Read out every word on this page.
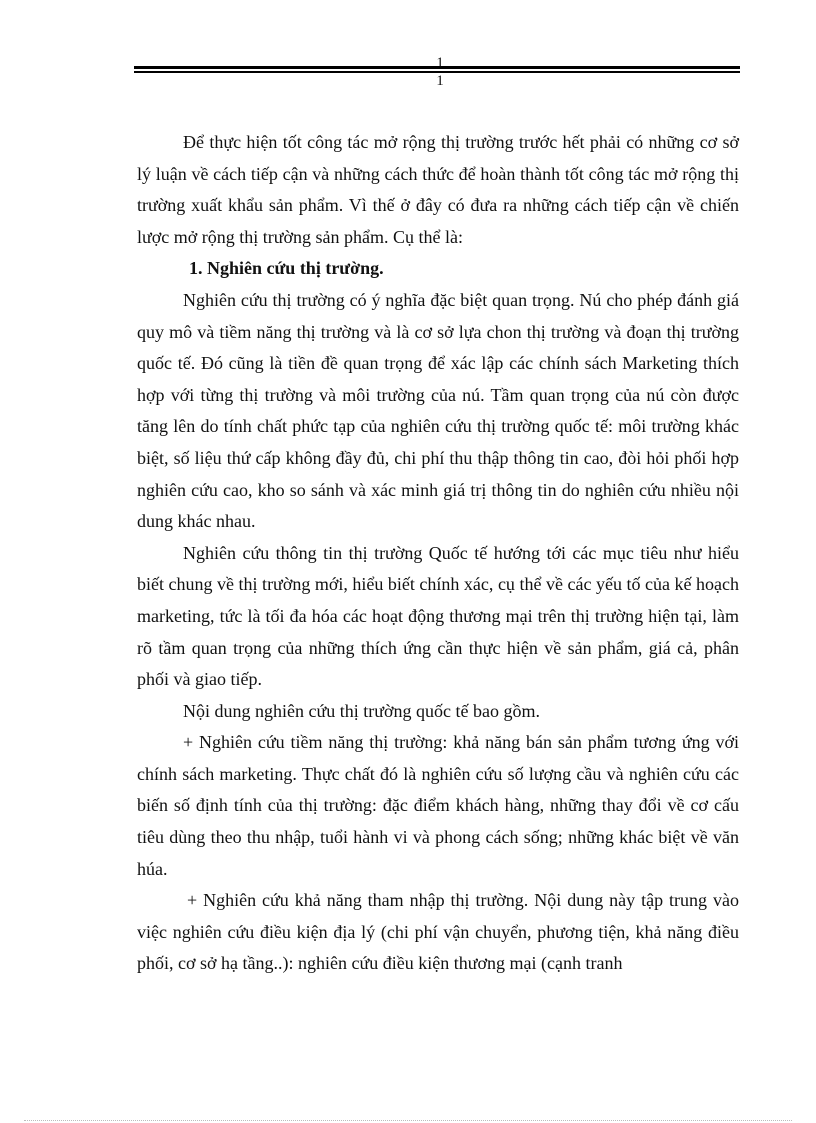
1
1

Để thực hiện tốt công tác mở rộng thị trường trước hết phải có những cơ sở lý luận về cách tiếp cận và những cách thức để hoàn thành tốt công tác mở rộng thị trường xuất khẩu sản phẩm. Vì thế ở đây có đưa ra những cách tiếp cận về chiến lược mở rộng thị trường sản phẩm. Cụ thể là:

1. Nghiên cứu thị trường.

Nghiên cứu thị trường có ý nghĩa đặc biệt quan trọng. Nú cho phép đánh giá quy mô và tiềm năng thị trường và là cơ sở lựa chon thị trường và đoạn thị trường quốc tế. Đó cũng là tiền đề quan trọng để xác lập các chính sách Marketing thích hợp với từng thị trường và môi trường của nú. Tầm quan trọng của nú còn được tăng lên do tính chất phức tạp của nghiên cứu thị trường quốc tế: môi trường khác biệt, số liệu thứ cấp không đầy đủ, chi phí thu thập thông tin cao, đòi hỏi phối hợp nghiên cứu cao, kho so sánh và xác minh giá trị thông tin do nghiên cứu nhiều nội dung khác nhau.

Nghiên cứu thông tin thị trường Quốc tế hướng tới các mục tiêu như hiểu biết chung về thị trường mới, hiểu biết chính xác, cụ thể về các yếu tố của kế hoạch marketing, tức là tối đa hóa các hoạt động thương mại trên thị trường hiện tại, làm rõ tầm quan trọng của những thích ứng cần thực hiện về sản phẩm, giá cả, phân phối và giao tiếp.

Nội dung nghiên cứu thị trường quốc tế bao gồm.

+ Nghiên cứu tiềm năng thị trường: khả năng bán sản phẩm tương ứng với chính sách marketing. Thực chất đó là nghiên cứu số lượng cầu và nghiên cứu các biến số định tính của thị trường: đặc điểm khách hàng, những thay đổi về cơ cấu tiêu dùng theo thu nhập, tuổi hành vi và phong cách sống; những khác biệt về văn húa.

+ Nghiên cứu khả năng tham nhập thị trường. Nội dung này tập trung vào việc nghiên cứu điều kiện địa lý (chi phí vận chuyển, phương tiện, khả năng điều phối, cơ sở hạ tầng..): nghiên cứu điều kiện thương mại (cạnh tranh
